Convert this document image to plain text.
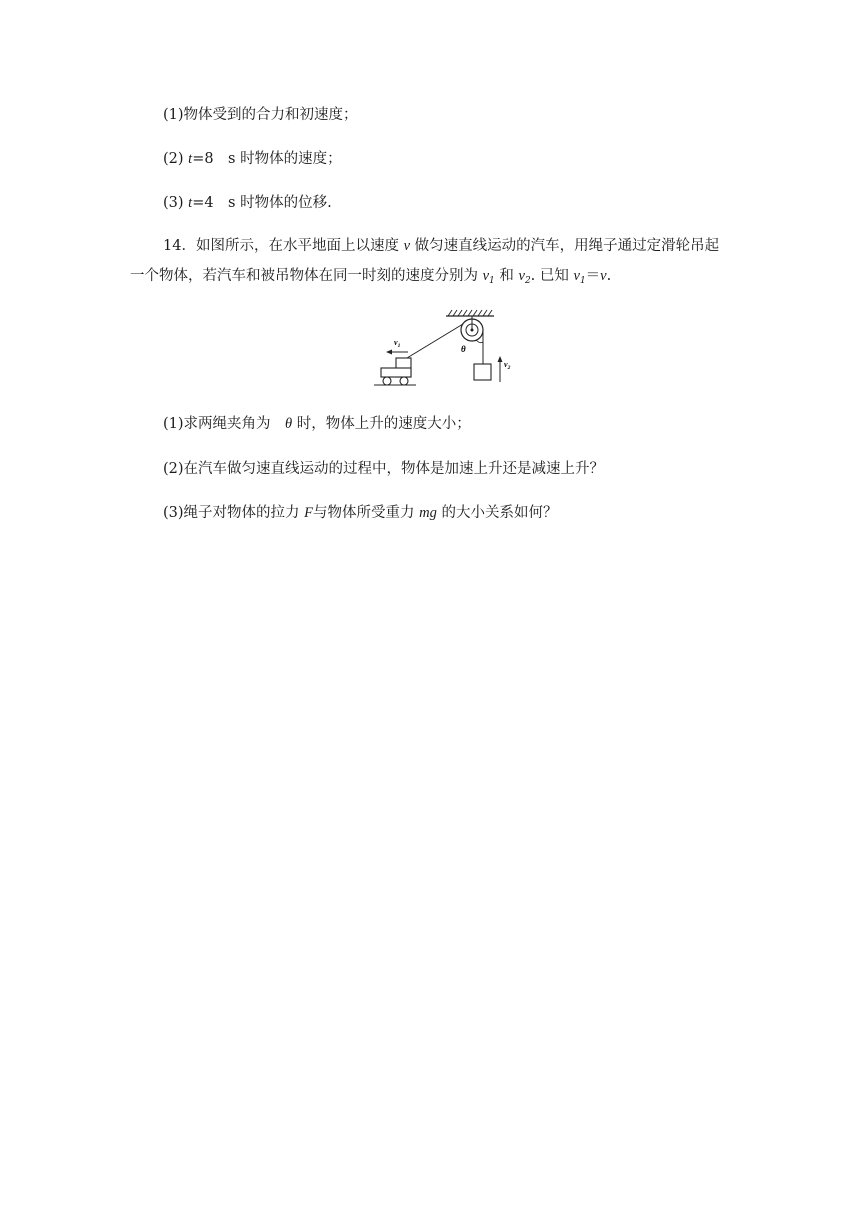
(1)物体受到的合力和初速度；
(2) t=8　s 时物体的速度；
(3) t=4　s 时物体的位移.
14．如图所示，在水平地面上以速度 v 做匀速直线运动的汽车，用绳子通过定滑轮吊起
一个物体，若汽车和被吊物体在同一时刻的速度分别为 $v_1$ 和 $v_2$. 已知 $v_1=v$.
θ
$v_2$
$v_1$
(1)求两绳夹角为　θ 时，物体上升的速度大小；
(2)在汽车做匀速直线运动的过程中，物体是加速上升还是减速上升？
(3)绳子对物体的拉力 F与物体所受重力 mg 的大小关系如何？
